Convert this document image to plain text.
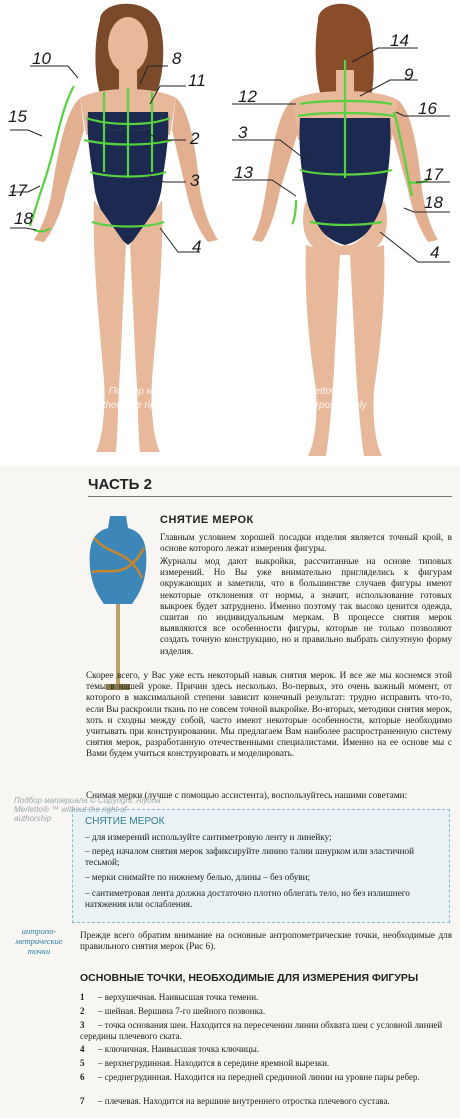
10	8
11
15
2
3
17
18
4
14
9
12
16
3
13	17
18
4
Подбор материала © Copyright: Alyona Merletto® ™
without the right of authorship, for informational purposes only
ЧАСТЬ 2
СНЯТИЕ МЕРОК
Главным условием хорошей посадки изделия является точный крой, в основе которого лежат измерения фигуры.
Журналы мод дают выкройки, рассчитанные на основе типовых измерений. Но Вы уже внимательно пригляделись к фигурам окружающих и заметили, что в большинстве случаев фигуры имеют некоторые отклонения от нормы, а значит, использование готовых выкроек будет затруднено. Именно поэтому так высоко ценится одежда, сшитая по индивидуальным меркам. В процессе снятия мерок выявляются все особенности фигуры, которые не только позволяют создать точную конструкцию, но и правильно выбрать силуэтную форму изделия.
Скорее всего, у Вас уже есть некоторый навык снятия мерок. И все же мы коснемся этой темы в нашей уроке. Причин здесь несколько. Во-первых, это очень важный момент, от которого в максимальной степени зависит конечный результат: трудно исправить что-то, если Вы раскроили ткань по не совсем точной выкройке. Во-вторых, методики снятия мерок, хоть и сходны между собой, часто имеют некоторые особенности, которые необходимо учитывать при конструировании. Мы предлагаем Вам наиболее распространенную систему снятия мерок, разработанную отечественными специалистами. Именно на ее основе мы с Вами будем учиться конструировать и моделировать.
Снимая мерки (лучше с помощью ассистента), воспользуйтесь нашими советами:
СНЯТИЕ МЕРОК
– для измерений используйте сантиметровую ленту и линейку;
– перед началом снятия мерок зафиксируйте линию талии шнурком или эластичной тесьмой;
– мерки снимайте по нижнему белью, длины – без обуви;
– сантиметровая лента должна достаточно плотно облегать тело, но без излишнего натяжения или ослабления.
антропо-метрические точки
Прежде всего обратим внимание на основные антропометрические точки, необходимые для правильного снятия мерок (Рис 6).
ОСНОВНЫЕ ТОЧКИ, НЕОБХОДИМЫЕ ДЛЯ ИЗМЕРЕНИЯ ФИГУРЫ
1 – верхушечная. Наивысшая точка темени.
2 – шейная. Вершина 7-го шейного позвонка.
3 – точка основания шеи. Находится на пересечении линии обхвата шеи с условной линией середины плечевого ската.
4 – ключичная. Наивысшая точка ключицы.
5 – верхнегрудинная. Находится в середине яремной вырезки.
6 – среднегрудинная. Находится на передней срединной линии на уровне пары ребер.
7 – плечевая. Находится на вершине внутреннего отростка плечевого сустава.
Подбор материала © Copyright: Alyona Merletto® ™ without the right of authorship
